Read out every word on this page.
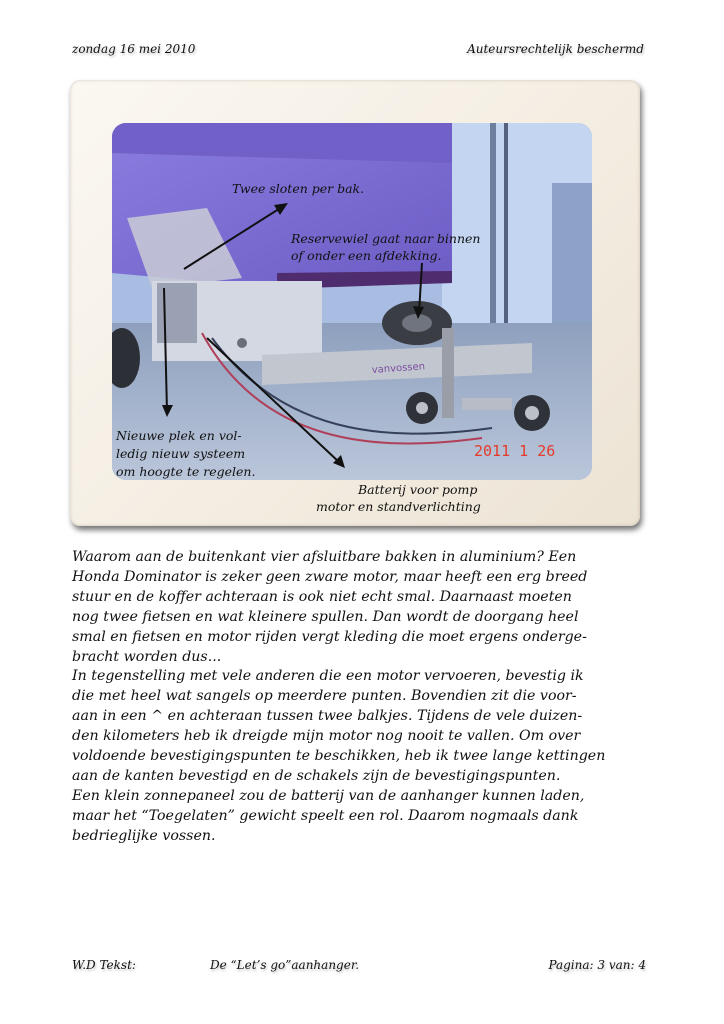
zondag 16 mei 2010	Auteursrechtelijk beschermd
vanvossen
2011 1 26
Twee sloten per bak.
Reservewiel gaat naar binnen
of onder een afdekking.
Nieuwe plek en vol-
ledig nieuw systeem
om hoogte te regelen.
Batterij voor pomp
motor en standverlichting

Waarom aan de buitenkant vier afsluitbare bakken in aluminium? Een

Honda Dominator is zeker geen zware motor, maar heeft een erg breed

stuur en de koffer achteraan is ook niet echt smal. Daarnaast moeten

nog twee fietsen en wat kleinere spullen. Dan wordt de doorgang heel

smal en fietsen en motor rijden vergt kleding die moet ergens onderge-

bracht worden dus...

In tegenstelling met vele anderen die een motor vervoeren, bevestig ik

die met heel wat sangels op meerdere punten. Bovendien zit die voor-

aan in een ^ en achteraan tussen twee balkjes. Tijdens de vele duizen-

den kilometers heb ik dreigde mijn motor nog nooit te vallen. Om over

voldoende bevestigingspunten te beschikken, heb ik twee lange kettingen

aan de kanten bevestigd en de schakels zijn de bevestigingspunten.

Een klein zonnepaneel zou de batterij van de aanhanger kunnen laden,

maar het “Toegelaten” gewicht speelt een rol. Daarom nogmaals dank

bedrieglijke vossen.

W.D Tekst:	De “Let’s go”aanhanger.	Pagina: 3 van: 4
